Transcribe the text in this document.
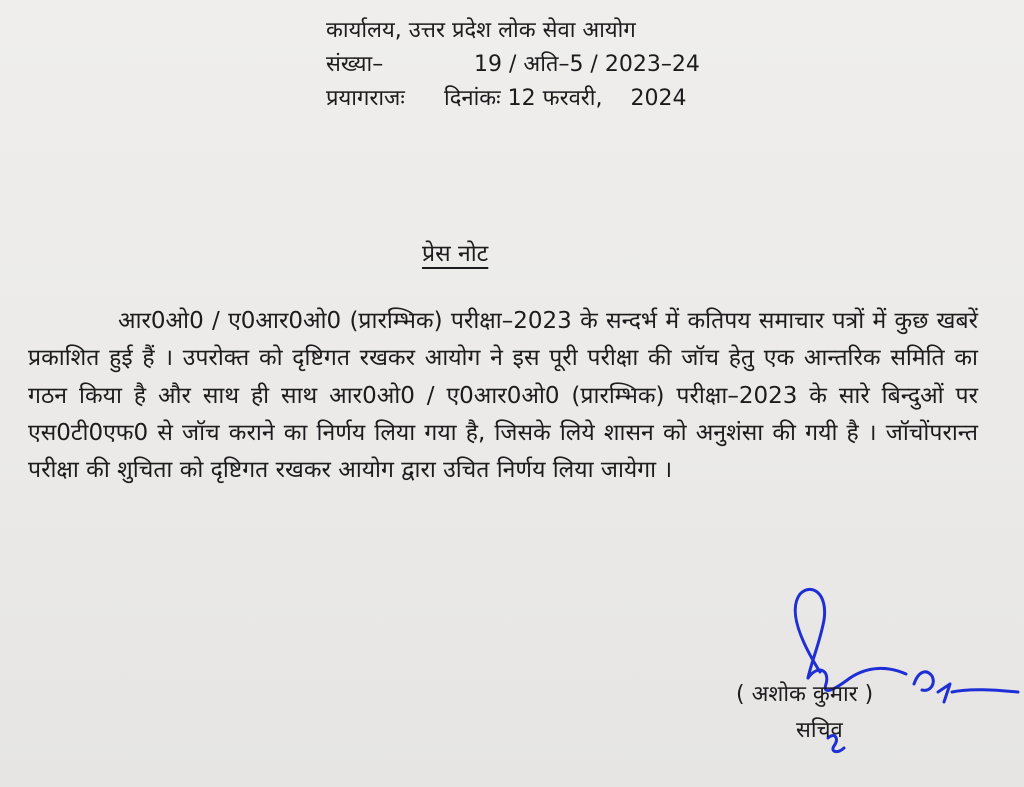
कार्यालय, उत्तर प्रदेश लोक सेवा आयोग
संख्या–	19 / अति–5 / 2023–24
प्रयागराजः दिनांकः 12 फरवरी,    2024
प्रेस नोट

आर0ओ0 / ए0आर0ओ0 (प्रारम्भिक) परीक्षा–2023 के सन्दर्भ में कतिपय समाचार पत्रों में कुछ खबरें प्रकाशित हुई हैं । उपरोक्त को दृष्टिगत रखकर आयोग ने इस पूरी परीक्षा की जॉच हेतु एक आन्तरिक समिति का गठन किया है और साथ ही साथ आर0ओ0 / ए0आर0ओ0 (प्रारम्भिक) परीक्षा–2023 के सारे बिन्दुओं पर एस0टी0एफ0 से जॉच कराने का निर्णय लिया गया है, जिसके लिये शासन को अनुशंसा की गयी है । जॉचोंपरान्त परीक्षा की शुचिता को दृष्टिगत रखकर आयोग द्वारा उचित निर्णय लिया जायेगा ।

( अशोक कुमार )
सचिव
